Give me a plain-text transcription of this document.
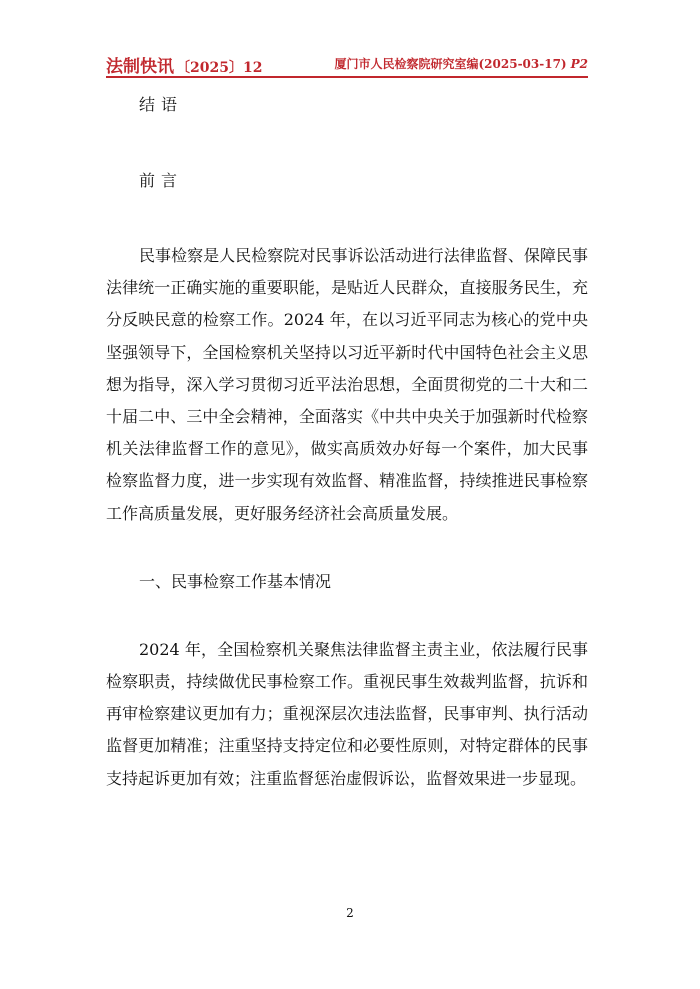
法制快讯 〔2025〕12	厦门市人民检察院研究室编(2025-03-17) P2

结语

前言

民事检察是人民检察院对民事诉讼活动进行法律监督、保障民事法律统一正确实施的重要职能，是贴近人民群众，直接服务民生，充分反映民意的检察工作。2024 年，在以习近平同志为核心的党中央坚强领导下，全国检察机关坚持以习近平新时代中国特色社会主义思想为指导，深入学习贯彻习近平法治思想，全面贯彻党的二十大和二十届二中、三中全会精神，全面落实《中共中央关于加强新时代检察机关法律监督工作的意见》，做实高质效办好每一个案件，加大民事检察监督力度，进一步实现有效监督、精准监督，持续推进民事检察工作高质量发展，更好服务经济社会高质量发展。

一、民事检察工作基本情况

2024 年，全国检察机关聚焦法律监督主责主业，依法履行民事检察职责，持续做优民事检察工作。重视民事生效裁判监督，抗诉和再审检察建议更加有力；重视深层次违法监督，民事审判、执行活动监督更加精准；注重坚持支持定位和必要性原则，对特定群体的民事支持起诉更加有效；注重监督惩治虚假诉讼，监督效果进一步显现。

2
